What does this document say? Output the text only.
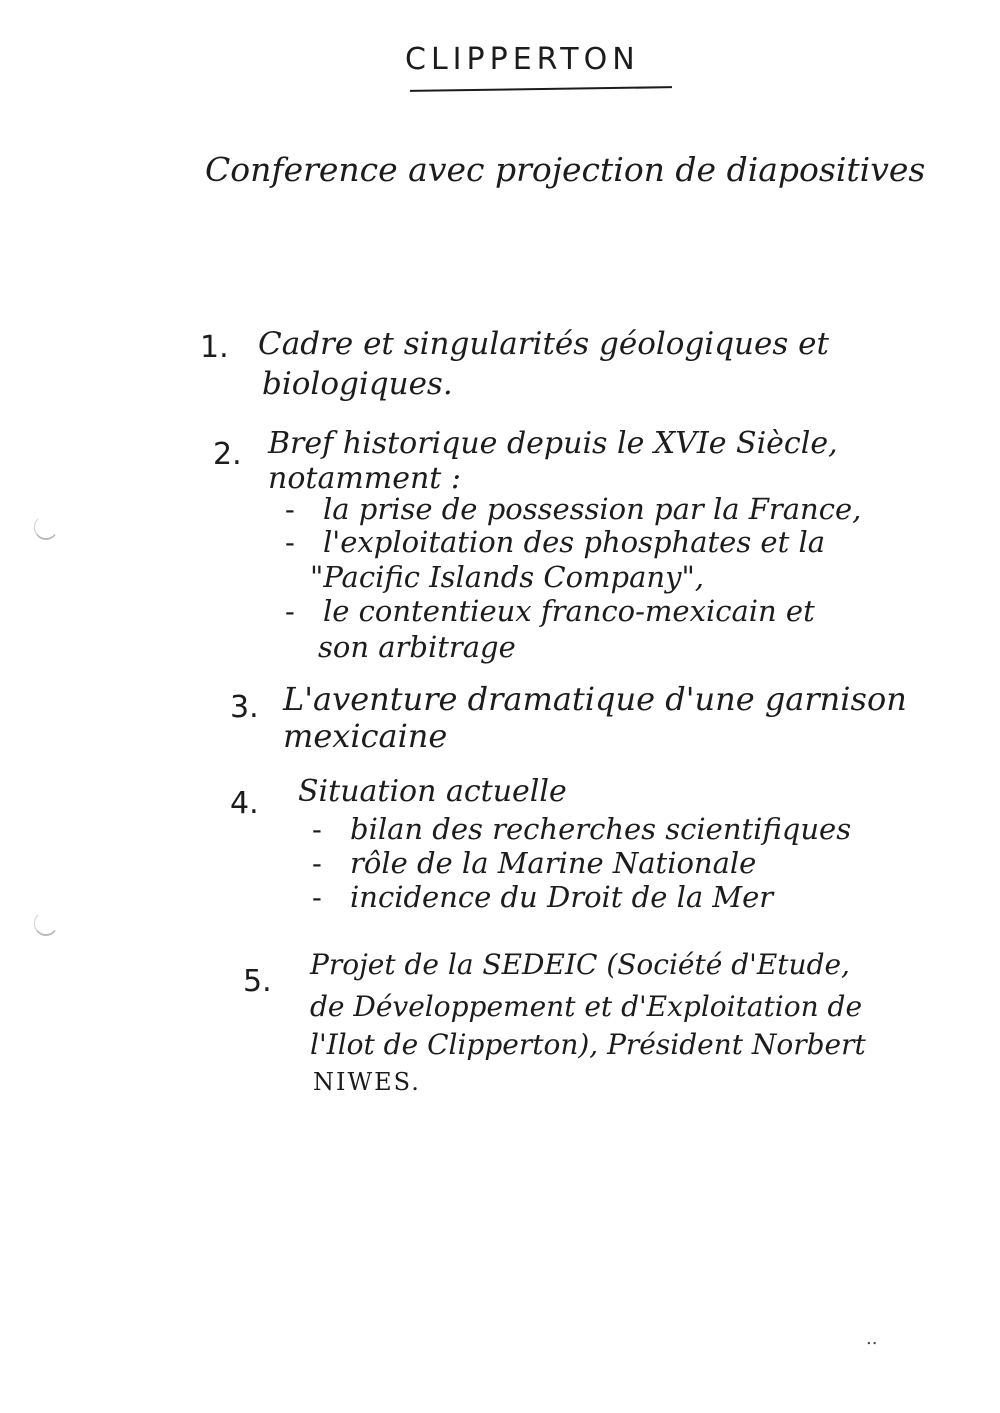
CLIPPERTON
Conference avec projection de diapositives
1. Cadre et singularités géologiques et
biologiques.
2. Bref historique depuis le XVIe Siècle,
notamment :
- la prise de possession par la France,
- l'exploitation des phosphates et la
"Pacific Islands Company",
- le contentieux franco-mexicain et
son arbitrage
3. L'aventure dramatique d'une garnison
mexicaine
4. Situation actuelle
- bilan des recherches scientifiques
- rôle de la Marine Nationale
- incidence du Droit de la Mer
5. Projet de la SEDEIC (Société d'Etude,
de Développement et d'Exploitation de
l'Ilot de Clipperton), Président Norbert
NIWES.
..
